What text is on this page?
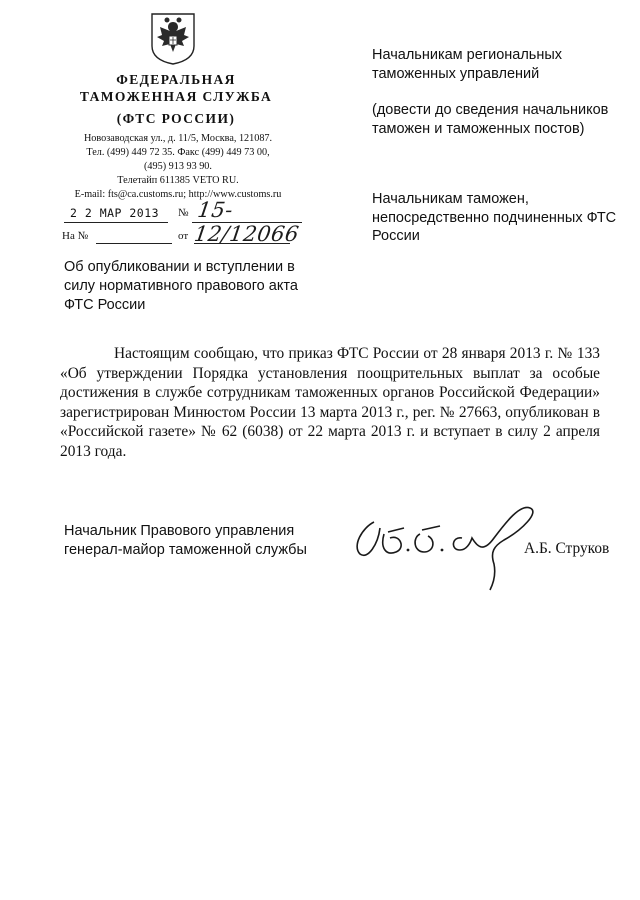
ФЕДЕРАЛЬНАЯ
ТАМОЖЕННАЯ СЛУЖБА
(ФТС РОССИИ)
Новозаводская ул., д. 11/5, Москва, 121087.
Тел. (499) 449 72 35. Факс (499) 449 73 00,
(495) 913 93 90.
Телетайп 611385 VETO RU.
E-mail: fts@ca.customs.ru; http://www.customs.ru
2 2 МАР 2013 № 15-12/12066
На №	от
Об опубликовании и вступлении в силу нормативного правового акта ФТС России
Начальникам региональных таможенных управлений
(довести до сведения начальников таможен и таможенных постов)
Начальникам таможен, непосредственно подчиненных ФТС России

Настоящим сообщаю, что приказ ФТС России от 28 января 2013 г. № 133 «Об утверждении Порядка установления поощрительных выплат за особые достижения в службе сотрудникам таможенных органов Российской Федерации» зарегистрирован Минюстом России 13 марта 2013 г., рег. № 27663, опубликован в «Российской газете» № 62 (6038) от 22 марта 2013 г. и вступает в силу 2 апреля 2013 года.

Начальник Правового управления
генерал-майор таможенной службы	А.Б. Струков
